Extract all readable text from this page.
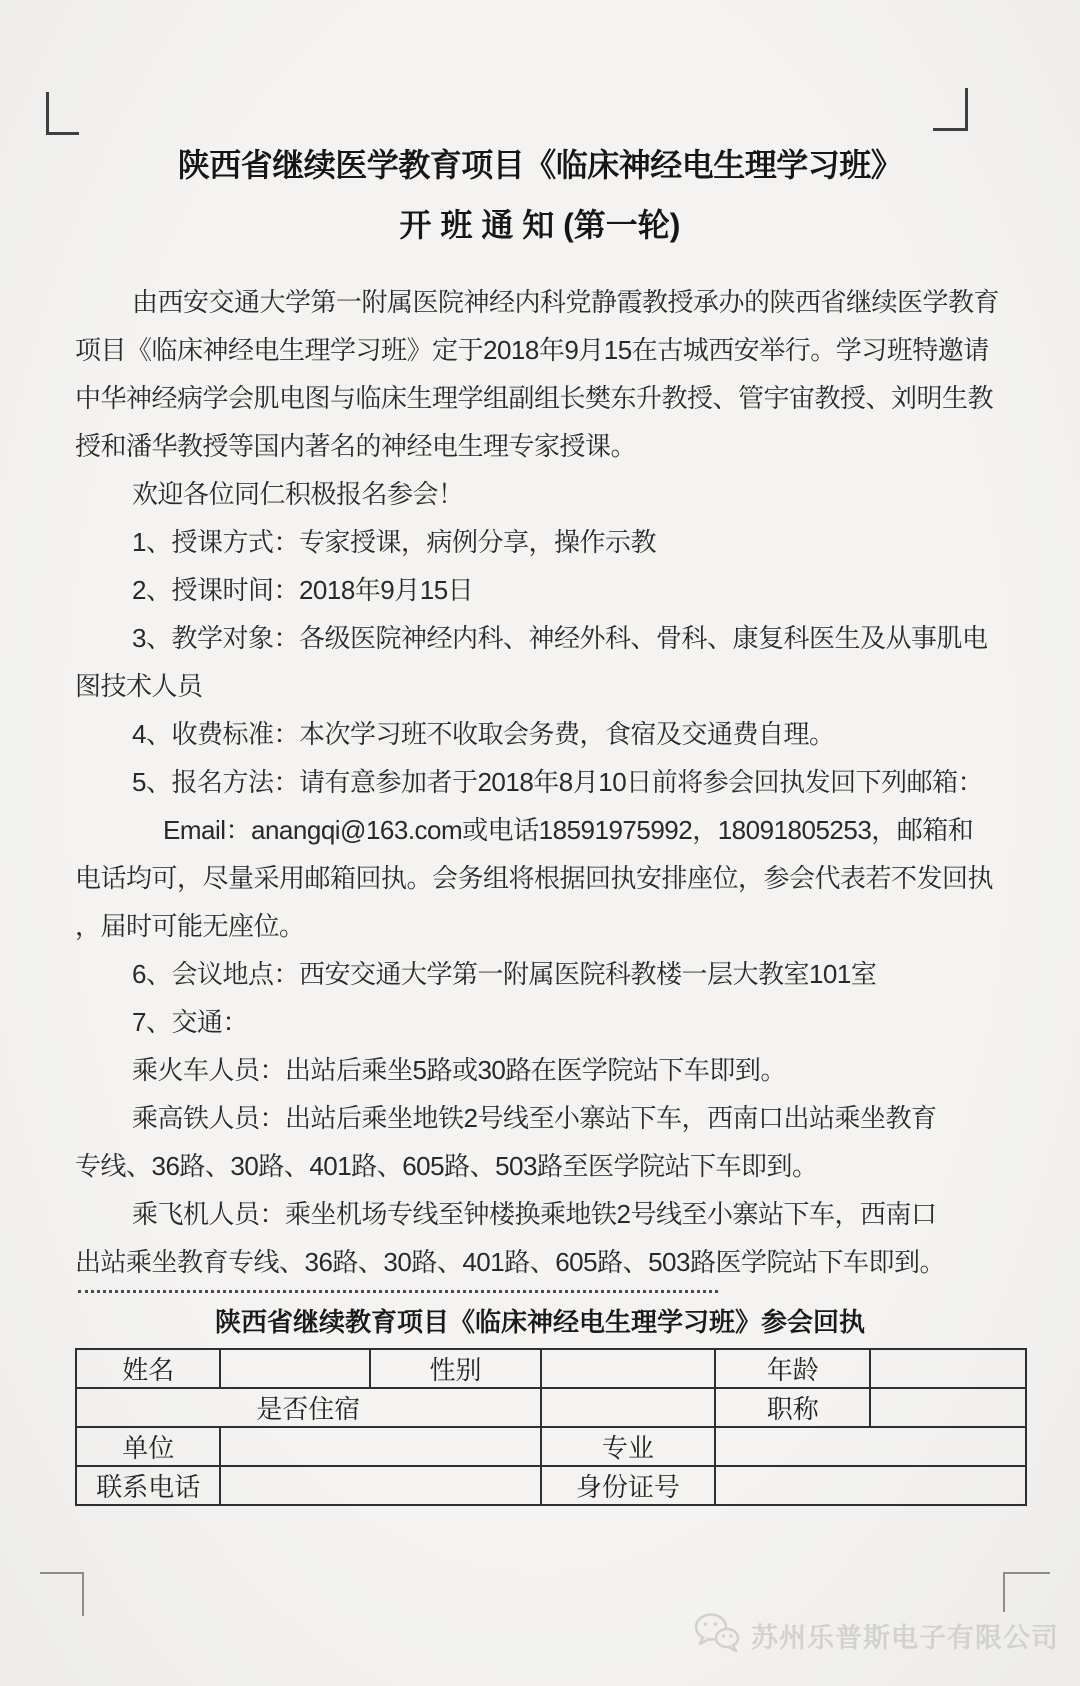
陕西省继续医学教育项目《临床神经电生理学习班》
开 班 通 知 (第一轮)
由西安交通大学第一附属医院神经内科党静霞教授承办的陕西省继续医学教育
项目《临床神经电生理学习班》定于2018年9月15在古城西安举行。学习班特邀请
中华神经病学会肌电图与临床生理学组副组长樊东升教授、管宇宙教授、刘明生教
授和潘华教授等国内著名的神经电生理专家授课。
欢迎各位同仁积极报名参会！
1、授课方式：专家授课，病例分享，操作示教
2、授课时间：2018年9月15日
3、教学对象：各级医院神经内科、神经外科、骨科、康复科医生及从事肌电
图技术人员
4、收费标准：本次学习班不收取会务费，食宿及交通费自理。
5、报名方法：请有意参加者于2018年8月10日前将参会回执发回下列邮箱：
Email：anangqi@163.com或电话18591975992，18091805253，邮箱和
电话均可，尽量采用邮箱回执。会务组将根据回执安排座位，参会代表若不发回执
，届时可能无座位。
6、会议地点：西安交通大学第一附属医院科教楼一层大教室101室
7、交通：
乘火车人员：出站后乘坐5路或30路在医学院站下车即到。
乘高铁人员：出站后乘坐地铁2号线至小寨站下车，西南口出站乘坐教育
专线、36路、30路、401路、605路、503路至医学院站下车即到。
乘飞机人员：乘坐机场专线至钟楼换乘地铁2号线至小寨站下车，西南口
出站乘坐教育专线、36路、30路、401路、605路、503路医学院站下车即到。
陕西省继续教育项目《临床神经电生理学习班》参会回执
姓名		性别		年龄	
是否住宿				职称	
单位			专业		
联系电话			身份证号		
苏州乐普斯电子有限公司
